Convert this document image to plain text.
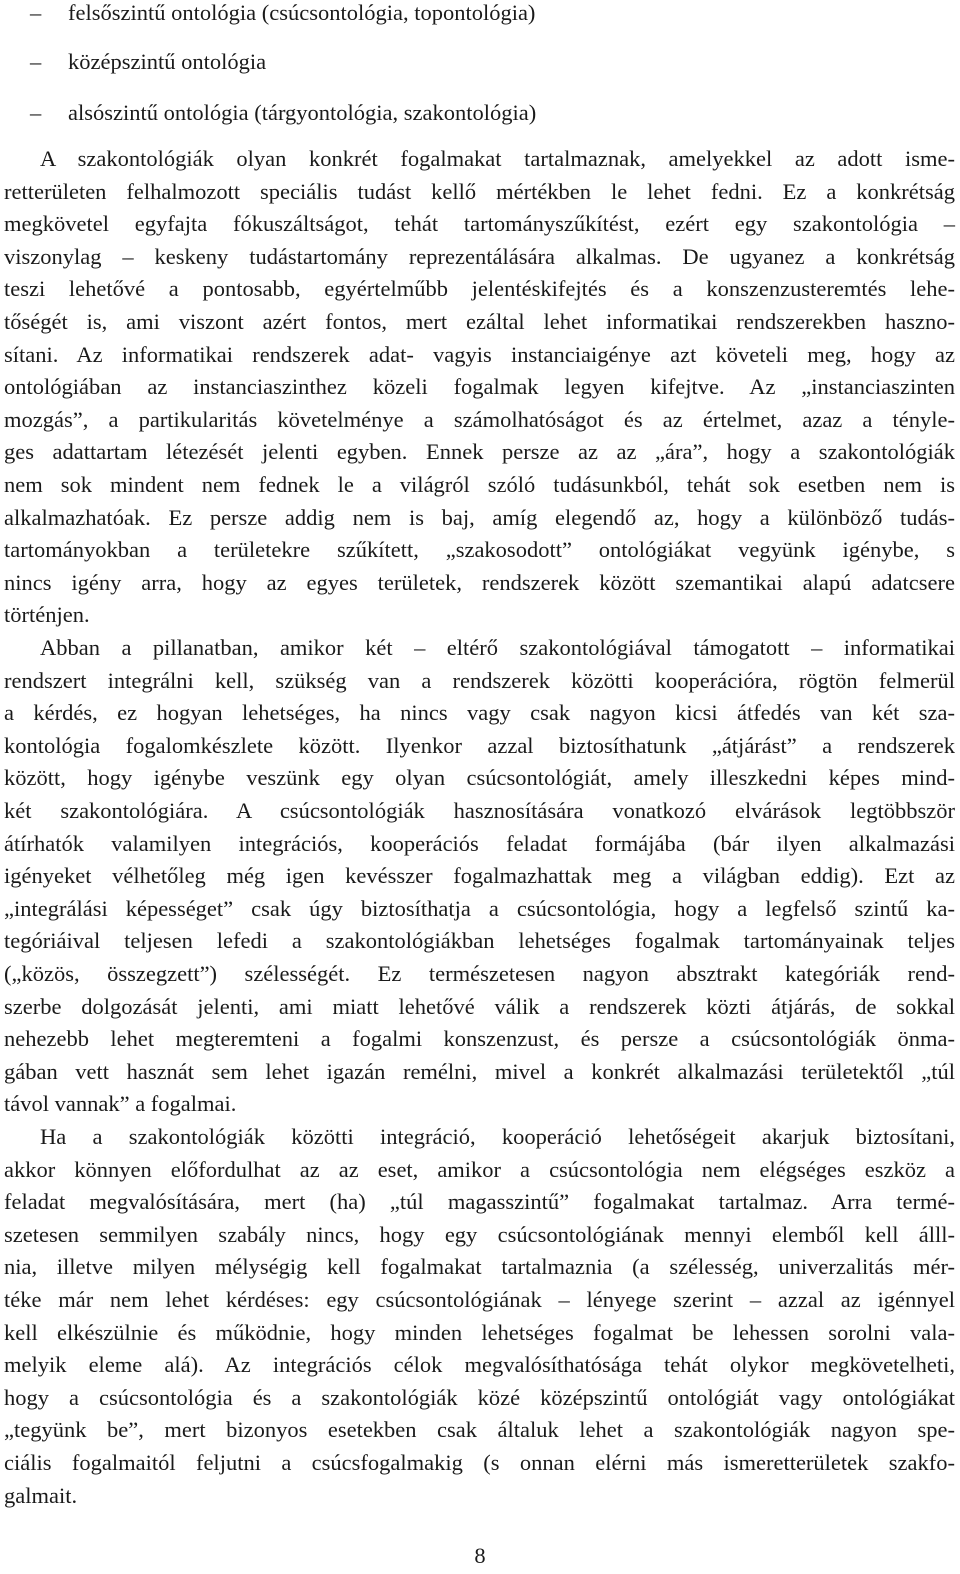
– felsőszintű ontológia (csúcsontológia, topontológia)
– középszintű ontológia
– alsószintű ontológia (tárgyontológia, szakontológia)
A szakontológiák olyan konkrét fogalmakat tartalmaznak, amelyekkel az adott isme-
retterületen felhalmozott speciális tudást kellő mértékben le lehet fedni. Ez a konkrétság
megkövetel egyfajta fókuszáltságot, tehát tartományszűkítést, ezért egy szakontológia –
viszonylag – keskeny tudástartomány reprezentálására alkalmas. De ugyanez a konkrétság
teszi lehetővé a pontosabb, egyértelműbb jelentéskifejtés és a konszenzusteremtés lehe-
tőségét is, ami viszont azért fontos, mert ezáltal lehet informatikai rendszerekben haszno-
sítani. Az informatikai rendszerek adat- vagyis instanciaigénye azt követeli meg, hogy az
ontológiában az instanciaszinthez közeli fogalmak legyen kifejtve. Az „instanciaszinten
mozgás”, a partikularitás követelménye a számolhatóságot és az értelmet, azaz a tényle-
ges adattartam létezését jelenti egyben. Ennek persze az az „ára”, hogy a szakontológiák
nem sok mindent nem fednek le a világról szóló tudásunkból, tehát sok esetben nem is
alkalmazhatóak. Ez persze addig nem is baj, amíg elegendő az, hogy a különböző tudás-
tartományokban a területekre szűkített, „szakosodott” ontológiákat vegyünk igénybe, s
nincs igény arra, hogy az egyes területek, rendszerek között szemantikai alapú adatcsere
történjen.
Abban a pillanatban, amikor két – eltérő szakontológiával támogatott – informatikai
rendszert integrálni kell, szükség van a rendszerek közötti kooperációra, rögtön felmerül
a kérdés, ez hogyan lehetséges, ha nincs vagy csak nagyon kicsi átfedés van két sza-
kontológia fogalomkészlete között. Ilyenkor azzal biztosíthatunk „átjárást” a rendszerek
között, hogy igénybe veszünk egy olyan csúcsontológiát, amely illeszkedni képes mind-
két szakontológiára. A csúcsontológiák hasznosítására vonatkozó elvárások legtöbbször
átírhatók valamilyen integrációs, kooperációs feladat formájába (bár ilyen alkalmazási
igényeket vélhetőleg még igen kevésszer fogalmazhattak meg a világban eddig). Ezt az
„integrálási képességet” csak úgy biztosíthatja a csúcsontológia, hogy a legfelső szintű ka-
tegóriáival teljesen lefedi a szakontológiákban lehetséges fogalmak tartományainak teljes
(„közös, összegzett”) szélességét. Ez természetesen nagyon absztrakt kategóriák rend-
szerbe dolgozását jelenti, ami miatt lehetővé válik a rendszerek közti átjárás, de sokkal
nehezebb lehet megteremteni a fogalmi konszenzust, és persze a csúcsontológiák önma-
gában vett hasznát sem lehet igazán remélni, mivel a konkrét alkalmazási területektől „túl
távol vannak” a fogalmai.
Ha a szakontológiák közötti integráció, kooperáció lehetőségeit akarjuk biztosítani,
akkor könnyen előfordulhat az az eset, amikor a csúcsontológia nem elégséges eszköz a
feladat megvalósítására, mert (ha) „túl magasszintű” fogalmakat tartalmaz. Arra termé-
szetesen semmilyen szabály nincs, hogy egy csúcsontológiának mennyi elemből kell álll-
nia, illetve milyen mélységig kell fogalmakat tartalmaznia (a szélesség, univerzalitás mér-
téke már nem lehet kérdéses: egy csúcsontológiának – lényege szerint – azzal az igénnyel
kell elkészülnie és működnie, hogy minden lehetséges fogalmat be lehessen sorolni vala-
melyik eleme alá). Az integrációs célok megvalósíthatósága tehát olykor megkövetelheti,
hogy a csúcsontológia és a szakontológiák közé középszintű ontológiát vagy ontológiákat
„tegyünk be”, mert bizonyos esetekben csak általuk lehet a szakontológiák nagyon spe-
ciális fogalmaitól feljutni a csúcsfogalmakig (s onnan elérni más ismeretterületek szakfo-
galmait.
8
